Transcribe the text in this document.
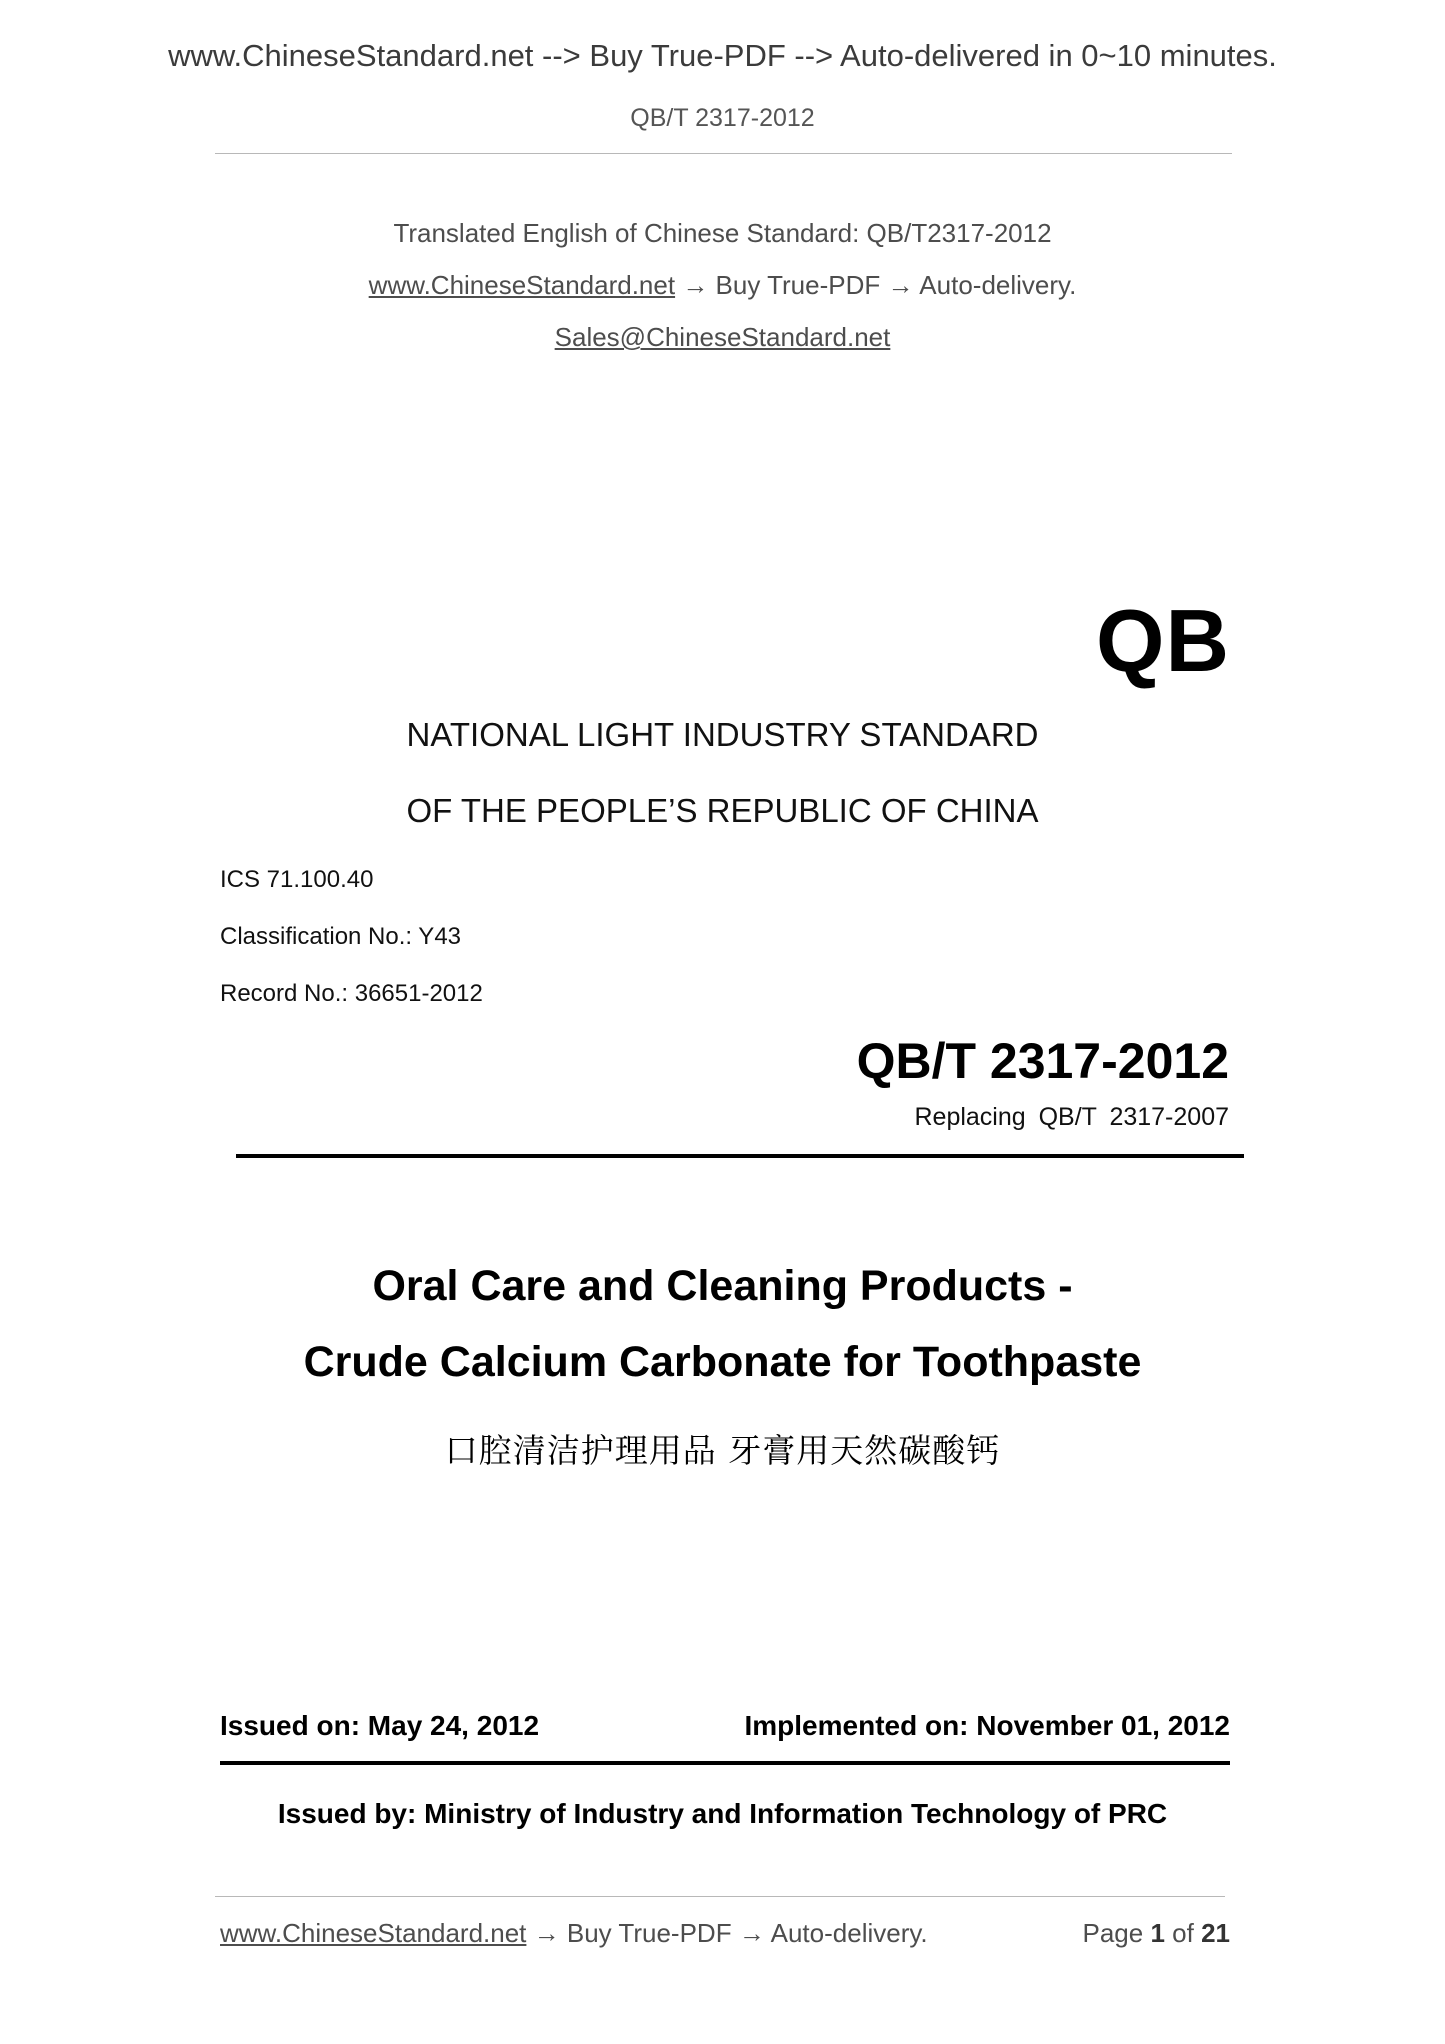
www.ChineseStandard.net --> Buy True-PDF --> Auto-delivered in 0~10 minutes.
QB/T 2317-2012
Translated English of Chinese Standard: QB/T2317-2012
www.ChineseStandard.net → Buy True-PDF → Auto-delivery.
Sales@ChineseStandard.net
QB
NATIONAL LIGHT INDUSTRY STANDARD
OF THE PEOPLE’S REPUBLIC OF CHINA
ICS 71.100.40
Classification No.: Y43
Record No.: 36651-2012
QB/T 2317-2012
Replacing QB/T 2317-2007
Oral Care and Cleaning Products -
Crude Calcium Carbonate for Toothpaste
口腔清洁护理用品 牙膏用天然碳酸钙
Issued on: May 24, 2012	Implemented on: November 01, 2012
Issued by: Ministry of Industry and Information Technology of PRC
www.ChineseStandard.net → Buy True-PDF → Auto-delivery.	Page 1 of 21
